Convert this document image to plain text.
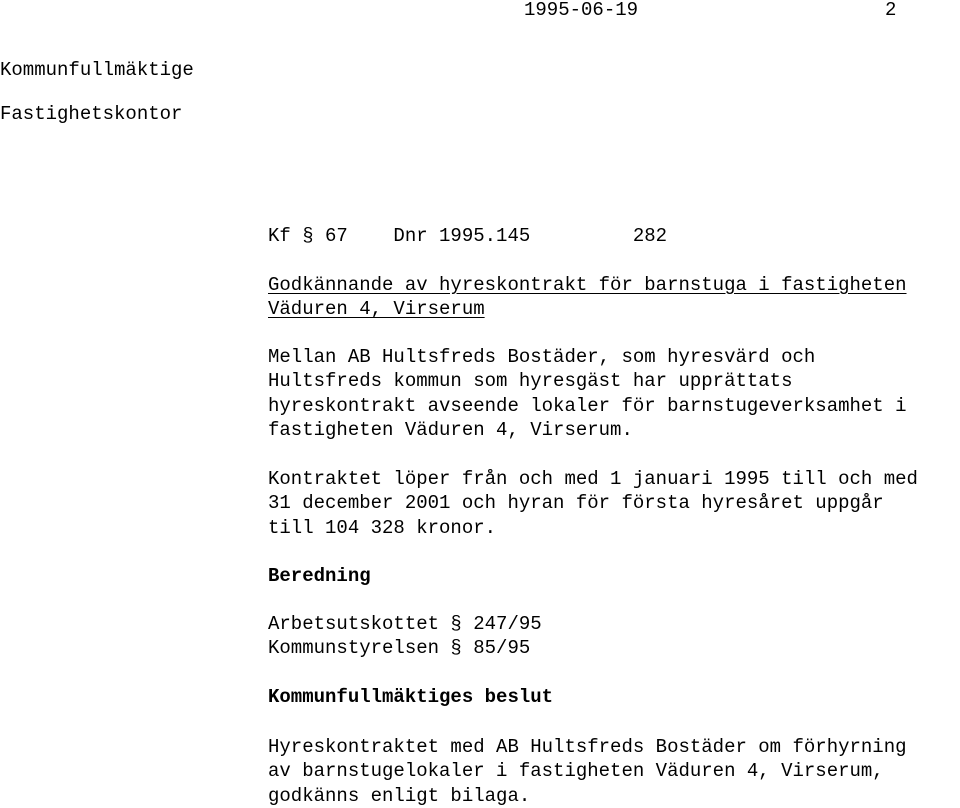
1995-06-19	2
Kommunfullmäktige
Fastighetskontor
Kf § 67    Dnr 1995.145         282
Godkännande av hyreskontrakt för barnstuga i fastigheten
Väduren 4, Virserum

Mellan AB Hultsfreds Bostäder, som hyresvärd och
Hultsfreds kommun som hyresgäst har upprättats
hyreskontrakt avseende lokaler för barnstugeverksamhet i
fastigheten Väduren 4, Virserum.

Kontraktet löper från och med 1 januari 1995 till och med
31 december 2001 och hyran för första hyresåret uppgår
till 104 328 kronor.

Beredning
Arbetsutskottet § 247/95
Kommunstyrelsen § 85/95
Kommunfullmäktiges beslut

Hyreskontraktet med AB Hultsfreds Bostäder om förhyrning
av barnstugelokaler i fastigheten Väduren 4, Virserum,
godkänns enligt bilaga.
